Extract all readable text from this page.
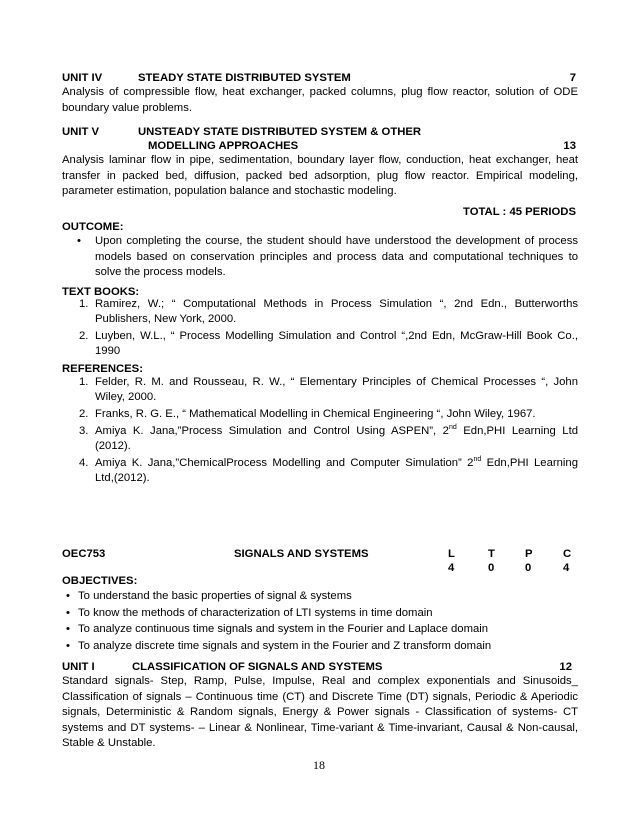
UNIT IV	STEADY STATE DISTRIBUTED SYSTEM	7
Analysis of compressible flow, heat exchanger, packed columns, plug flow reactor, solution of ODE boundary value problems.
UNIT V	UNSTEADY STATE DISTRIBUTED SYSTEM & OTHER
MODELLING APPROACHES	13
Analysis laminar flow in pipe, sedimentation, boundary layer flow, conduction, heat exchanger, heat transfer in packed bed, diffusion, packed bed adsorption, plug flow reactor. Empirical modeling, parameter estimation, population balance and stochastic modeling.
TOTAL : 45 PERIODS
OUTCOME:
• Upon completing the course, the student should have understood the development of process models based on conservation principles and process data and computational techniques to solve the process models.
TEXT BOOKS:
1. Ramirez, W.; “ Computational Methods in Process Simulation “, 2nd Edn., Butterworths Publishers, New York, 2000.
2. Luyben, W.L., “ Process Modelling Simulation and Control “,2nd Edn, McGraw-Hill Book Co., 1990
REFERENCES:
1. Felder, R. M. and Rousseau, R. W., “ Elementary Principles of Chemical Processes “, John Wiley, 2000.
2. Franks, R. G. E., “ Mathematical Modelling in Chemical Engineering “, John Wiley, 1967.
3. Amiya K. Jana,”Process Simulation and Control Using ASPEN”, 2nd Edn,PHI Learning Ltd (2012).
4. Amiya K. Jana,”ChemicalProcess Modelling and Computer Simulation” 2nd Edn,PHI Learning Ltd,(2012).
OEC753	SIGNALS AND SYSTEMS	L	T	P	C
4	0	0	4
OBJECTIVES:
• To understand the basic properties of signal & systems
• To know the methods of characterization of LTI systems in time domain
• To analyze continuous time signals and system in the Fourier and Laplace domain
• To analyze discrete time signals and system in the Fourier and Z transform domain
UNIT I	CLASSIFICATION OF SIGNALS AND SYSTEMS	12
Standard signals- Step, Ramp, Pulse, Impulse, Real and complex exponentials and Sinusoids_ Classification of signals – Continuous time (CT) and Discrete Time (DT) signals, Periodic & Aperiodic signals, Deterministic & Random signals, Energy & Power signals - Classification of systems- CT systems and DT systems- – Linear & Nonlinear, Time-variant & Time-invariant, Causal & Non-causal, Stable & Unstable.
18
